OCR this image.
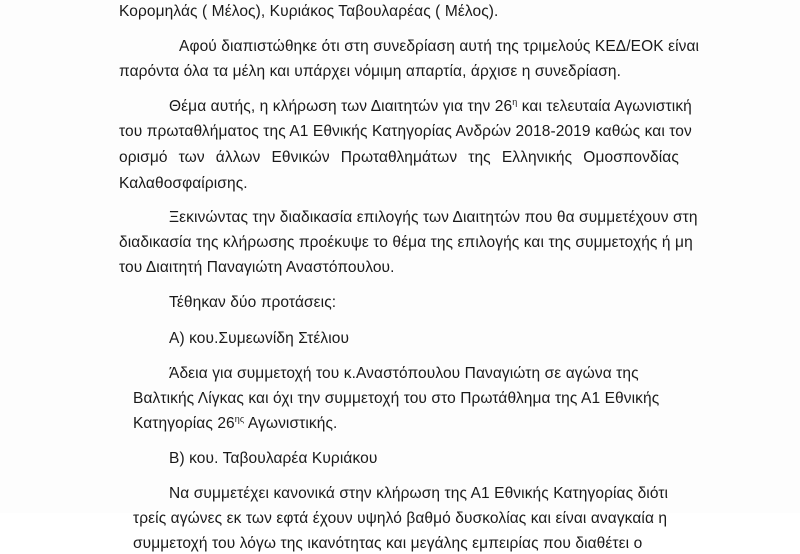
Κορομηλάς ( Μέλος), Κυριάκος Ταβουλαρέας ( Μέλος).
Αφού διαπιστώθηκε ότι στη συνεδρίαση αυτή της τριμελούς ΚΕΔ/ΕΟΚ είναι
παρόντα όλα τα μέλη και υπάρχει νόμιμη απαρτία, άρχισε η συνεδρίαση.
Θέμα αυτής, η κλήρωση των Διαιτητών για την $26^\eta$ και τελευταία Αγωνιστική
του πρωταθλήματος της Α1 Εθνικής Κατηγορίας Ανδρών 2018-2019 καθώς και τον
ορισμό των άλλων Εθνικών Πρωταθλημάτων της Ελληνικής Ομοσπονδίας
Καλαθοσφαίρισης.
Ξεκινώντας την διαδικασία επιλογής των Διαιτητών που θα συμμετέχουν στη
διαδικασία της κλήρωσης προέκυψε το θέμα της επιλογής και της συμμετοχής ή μη
του Διαιτητή Παναγιώτη Αναστόπουλου.
Τέθηκαν δύο προτάσεις:
Α) κου.Συμεωνίδη Στέλιου
Άδεια για συμμετοχή του κ.Αναστόπουλου Παναγιώτη σε αγώνα της
Βαλτικής Λίγκας και όχι την συμμετοχή του στο Πρωτάθλημα της Α1 Εθνικής
Κατηγορίας $26^{\eta\varsigma}$ Αγωνιστικής.
Β) κου. Ταβουλαρέα Κυριάκου
Να συμμετέχει κανονικά στην κλήρωση της Α1 Εθνικής Κατηγορίας διότι
τρείς αγώνες εκ των εφτά έχουν υψηλό βαθμό δυσκολίας και είναι αναγκαία η
συμμετοχή του λόγω της ικανότητας και μεγάλης εμπειρίας που διαθέτει ο
